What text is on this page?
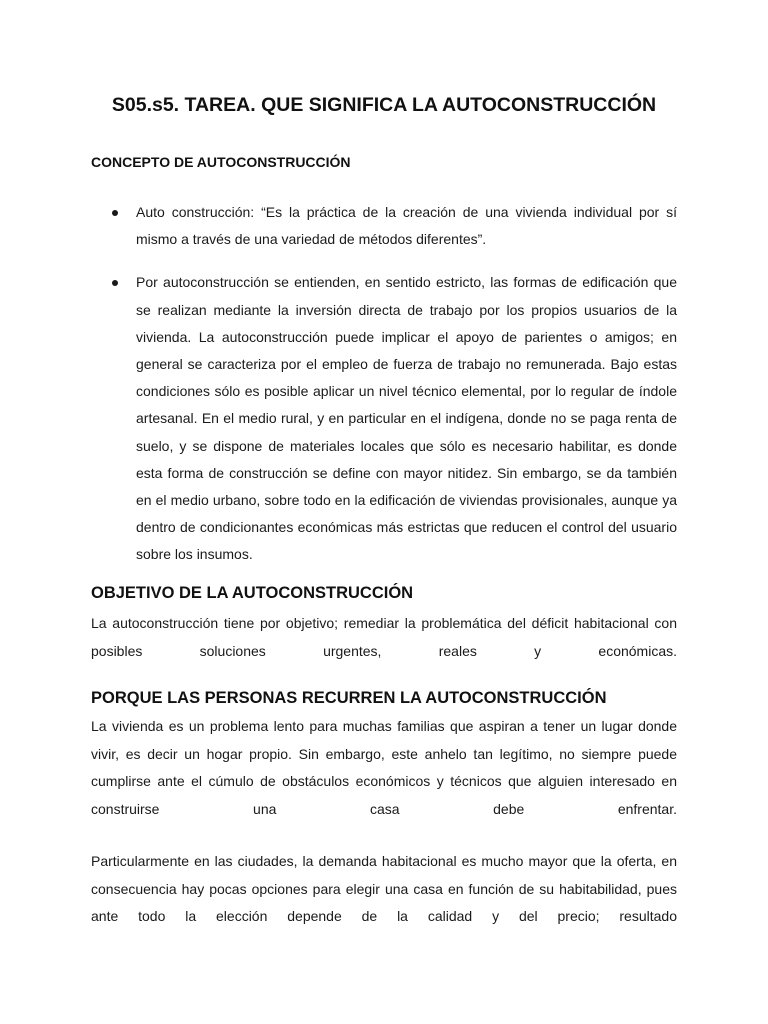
S05.s5. TAREA. QUE SIGNIFICA LA AUTOCONSTRUCCIÓN
CONCEPTO DE AUTOCONSTRUCCIÓN
Auto construcción: “Es la práctica de la creación de una vivienda individual por sí mismo a través de una variedad de métodos diferentes”.
Por autoconstrucción se entienden, en sentido estricto, las formas de edificación que se realizan mediante la inversión directa de trabajo por los propios usuarios de la vivienda. La autoconstrucción puede implicar el apoyo de parientes o amigos; en general se caracteriza por el empleo de fuerza de trabajo no remunerada. Bajo estas condiciones sólo es posible aplicar un nivel técnico elemental, por lo regular de índole artesanal. En el medio rural, y en particular en el indígena, donde no se paga renta de suelo, y se dispone de materiales locales que sólo es necesario habilitar, es donde esta forma de construcción se define con mayor nitidez. Sin embargo, se da también en el medio urbano, sobre todo en la edificación de viviendas provisionales, aunque ya dentro de condicionantes económicas más estrictas que reducen el control del usuario sobre los insumos.
OBJETIVO DE LA AUTOCONSTRUCCIÓN

La autoconstrucción tiene por objetivo; remediar la problemática del déficit habitacional con posibles soluciones urgentes, reales y económicas.

PORQUE LAS PERSONAS RECURREN LA AUTOCONSTRUCCIÓN

La vivienda es un problema lento para muchas familias que aspiran a tener un lugar donde vivir, es decir un hogar propio. Sin embargo, este anhelo tan legítimo, no siempre puede cumplirse ante el cúmulo de obstáculos económicos y técnicos que alguien interesado en construirse una casa debe enfrentar.

Particularmente en las ciudades, la demanda habitacional es mucho mayor que la oferta, en consecuencia hay pocas opciones para elegir una casa en función de su habitabilidad, pues ante todo la elección depende de la calidad y del precio; resultado
